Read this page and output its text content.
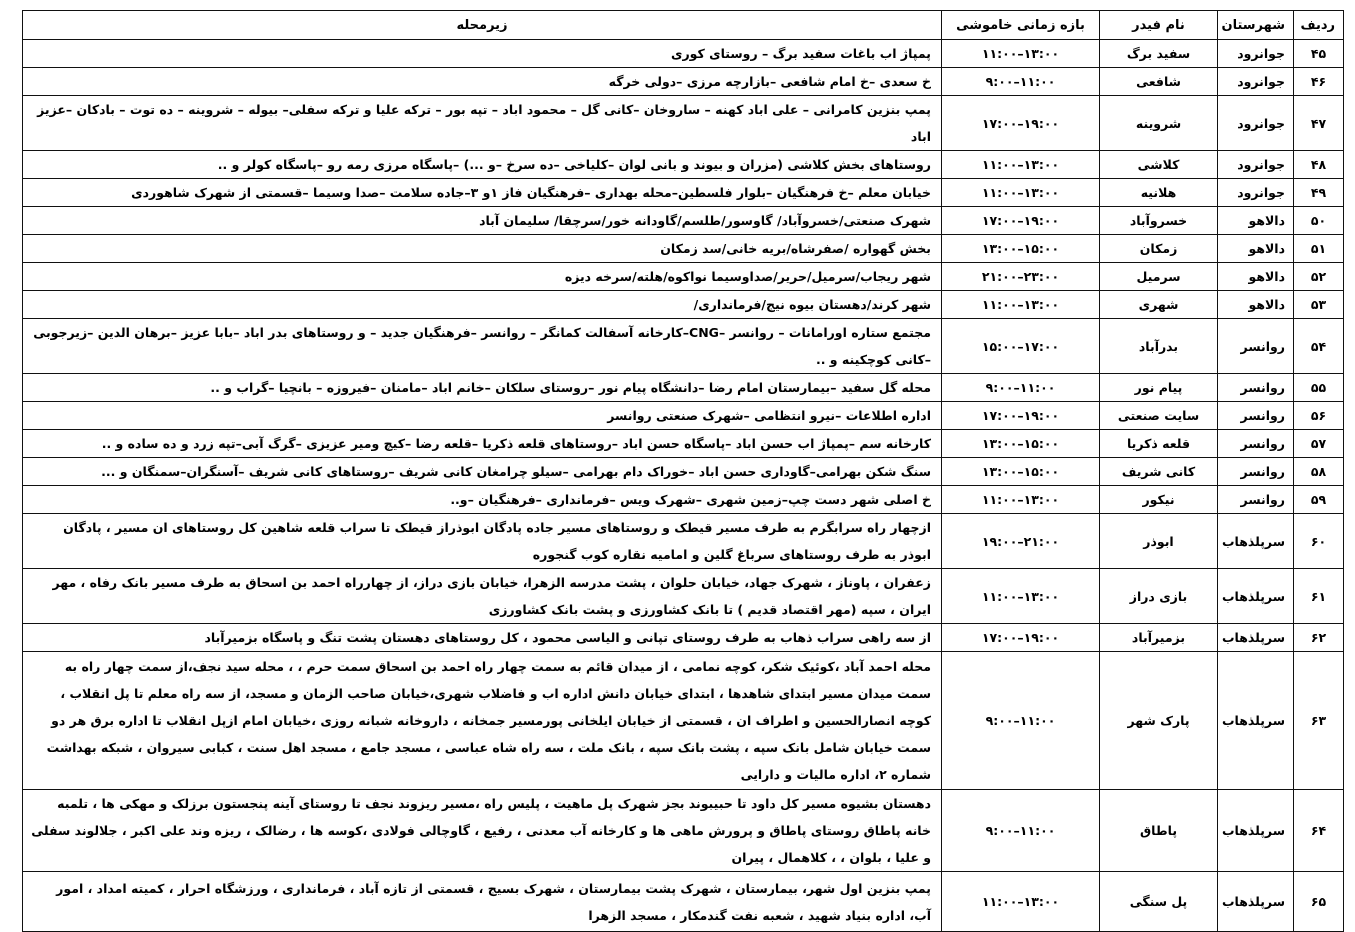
ردیف	شهرستان	نام فیدر	بازه زمانی خاموشی	زیرمحله
۴۵	جوانرود	سفید برگ	۱۱:۰۰–۱۳:۰۰	پمپاژ اب باغات سفید برگ – روستای کوری
۴۶	جوانرود	شافعی	۹:۰۰–۱۱:۰۰	خ سعدی –خ امام شافعی –بازارچه مرزی –دولی خرگه
۴۷	جوانرود	شروینه	۱۷:۰۰–۱۹:۰۰	پمپ بنزین کامرانی – علی اباد کهنه – ساروخان –کانی گل – محمود اباد – تپه بور – ترکه علیا و ترکه سفلی– بیوله – شروینه – ده توت – بادکان –عزیز اباد
۴۸	جوانرود	کلاشی	۱۱:۰۰–۱۳:۰۰	روستاهای بخش کلاشی (مزران و بیوند و بانی لوان –کلیاخی –ده سرخ –و ...) –پاسگاه مرزی رمه رو –پاسگاه کولر و ..
۴۹	جوانرود	هلانیه	۱۱:۰۰–۱۳:۰۰	خیابان معلم –خ فرهنگیان –بلوار فلسطین–محله بهداری –فرهنگیان فاز ۱و ۳–جاده سلامت –صدا وسیما –قسمتی از شهرک شاهوردی
۵۰	دالاهو	خسروآباد	۱۷:۰۰–۱۹:۰۰	شهرک صنعتی/خسروآباد/ گاوسور/طلسم/گاودانه خور/سرچقا/ سلیمان آباد
۵۱	دالاهو	زمکان	۱۳:۰۰–۱۵:۰۰	بخش گهواره /صفرشاه/بریه خانی/سد زمکان
۵۲	دالاهو	سرمیل	۲۱:۰۰–۲۳:۰۰	شهر ریجاب/سرمیل/حریر/صداوسیما نواکوه/هلته/سرخه دیزه
۵۳	دالاهو	شهری	۱۱:۰۰–۱۳:۰۰	شهر کرند/دهستان بیوه نیج/فرمانداری/
۵۴	روانسر	بدرآباد	۱۵:۰۰–۱۷:۰۰	مجتمع ستاره اورامانات – روانسر –CNG–کارخانه آسفالت کمانگر – روانسر –فرهنگیان جدید – و روستاهای بدر اباد –بابا عزیز –برهان الدین –زیرجوبی –کانی کوچکینه و ..
۵۵	روانسر	پیام نور	۹:۰۰–۱۱:۰۰	محله گل سفید –بیمارستان امام رضا –دانشگاه پیام نور –روستای سلکان –خانم اباد –مامنان –فیروزه – بانچیا –گراب و ..
۵۶	روانسر	سایت صنعتی	۱۷:۰۰–۱۹:۰۰	اداره اطلاعات –نیرو انتظامی –شهرک صنعتی روانسر
۵۷	روانسر	قلعه ذکریا	۱۳:۰۰–۱۵:۰۰	کارخانه سم –پمپاژ اب حسن اباد –پاسگاه حسن اباد –روستاهای قلعه ذکریا –قلعه رضا –کیچ ومیر عزیزی –گرگ آبی–تپه زرد و ده ساده و ..
۵۸	روانسر	کانی شریف	۱۳:۰۰–۱۵:۰۰	سنگ شکن بهرامی–گاوداری حسن اباد –خوراک دام بهرامی –سیلو چرامغان کانی شریف –روستاهای کانی شریف –آسنگران–سمنگان و ...
۵۹	روانسر	نیکور	۱۱:۰۰–۱۳:۰۰	خ اصلی شهر دست چپ–زمین شهری –شهرک ویس –فرمانداری –فرهنگیان –و..
۶۰	سرپلذهاب	ابوذر	۱۹:۰۰–۲۱:۰۰	ازچهار راه سرابگرم به طرف مسیر قیطک و روستاهای مسیر جاده پادگان ابوذراز قیطک تا سراب قلعه شاهین کل روستاهای ان مسیر ، پادگان ابوذر به طرف روستاهای سرباغ گلین و امامیه نقاره کوب گنجوره
۶۱	سرپلذهاب	بازی دراز	۱۱:۰۰–۱۳:۰۰	زعفران ، پاوناز ، شهرک جهاد، خیابان حلوان ، پشت مدرسه الزهرا، خیابان بازی دراز، از چهارراه احمد بن اسحاق به طرف مسیر بانک رفاه ، مهر ایران ، سپه (مهر اقتصاد قدیم ) تا بانک کشاورزی و پشت بانک کشاورزی
۶۲	سرپلذهاب	بزمیرآباد	۱۷:۰۰–۱۹:۰۰	از سه راهی سراب ذهاب به طرف روستای تپانی و الیاسی محمود ، کل روستاهای دهستان پشت تنگ و پاسگاه بزمیرآباد
۶۳	سرپلذهاب	پارک شهر	۹:۰۰–۱۱:۰۰	محله احمد آباد ،کوئیک شکر، کوچه نمامی ، از میدان قائم به سمت چهار راه احمد بن اسحاق سمت حرم ، ، محله سید نجف،از سمت چهار راه به سمت میدان مسیر ابتدای شاهدها ، ابتدای خیابان دانش اداره اب و فاضلاب شهری،خیابان صاحب الزمان و مسجد، از سه راه معلم تا پل انقلاب ، کوچه انصارالحسین و اطراف ان ، قسمتی از خیابان ایلخانی پورمسیر جمخانه ، داروخانه شبانه روزی ،خیابان امام ازپل انقلاب تا اداره برق هر دو سمت خیابان شامل بانک سپه ، پشت بانک سپه ، بانک ملت ، سه راه شاه عباسی ، مسجد جامع ، مسجد اهل سنت ، کبابی سیروان ، شبکه بهداشت شماره ۲، اداره مالیات و دارایی
۶۴	سرپلذهاب	پاطاق	۹:۰۰–۱۱:۰۰	دهستان بشیوه مسیر کل داود تا حبیبوند بجز شهرک پل ماهیت ، پلیس راه ،مسیر ریزوند نجف تا روستای آینه پنجستون برزلک و مهکی ها ، تلمبه خانه پاطاق روستای پاطاق و پرورش ماهی ها و کارخانه آب معدنی ، رفیع ، گاوچالی فولادی ،کوسه ها ، رضالک ، ریزه وند علی اکبر ، جلالوند سفلی و علیا ، بلوان ، ، کلاهمال ، پیران
۶۵	سرپلذهاب	پل سنگی	۱۱:۰۰–۱۳:۰۰	پمپ بنزین اول شهر، بیمارستان ، شهرک پشت بیمارستان ، شهرک بسیج ، قسمتی از تازه آباد ، فرمانداری ، ورزشگاه احرار ، کمیته امداد ، امور آب، اداره بنیاد شهید ، شعبه نفت گندمکار ، مسجد الزهرا
